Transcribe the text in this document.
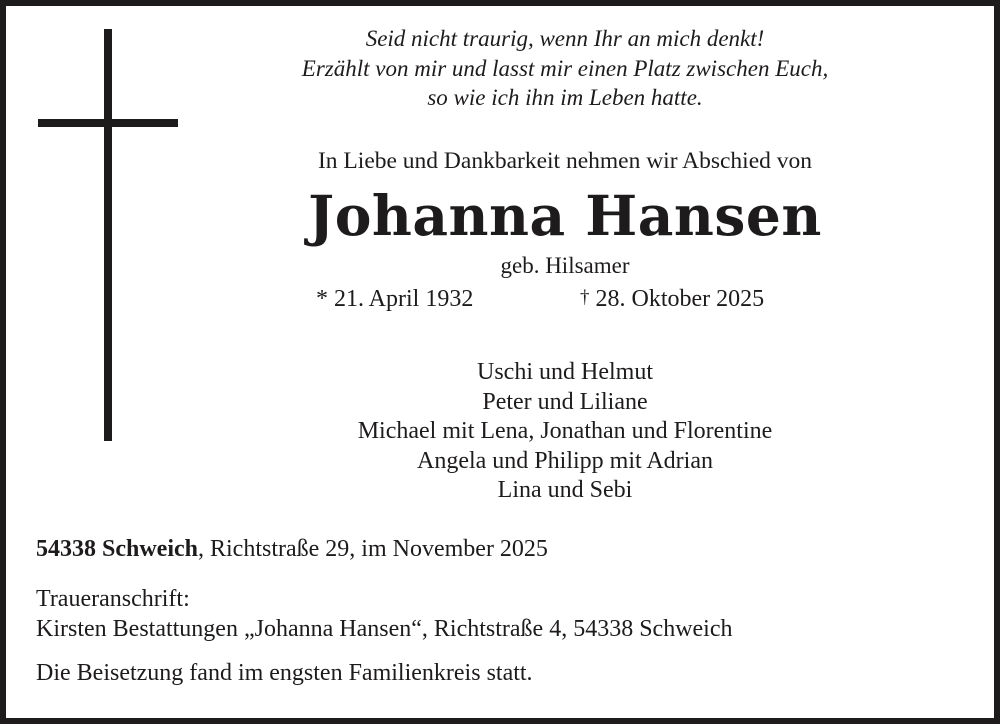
Seid nicht traurig, wenn Ihr an mich denkt!
Erzählt von mir und lasst mir einen Platz zwischen Euch,
so wie ich ihn im Leben hatte.
In Liebe und Dankbarkeit nehmen wir Abschied von
Johanna Hansen
geb. Hilsamer
* 21. April 1932	† 28. Oktober 2025
Uschi und Helmut
Peter und Liliane
Michael mit Lena, Jonathan und Florentine
Angela und Philipp mit Adrian
Lina und Sebi
54338 Schweich, Richtstraße 29, im November 2025
Traueranschrift:
Kirsten Bestattungen „Johanna Hansen“, Richtstraße 4, 54338 Schweich
Die Beisetzung fand im engsten Familienkreis statt.
